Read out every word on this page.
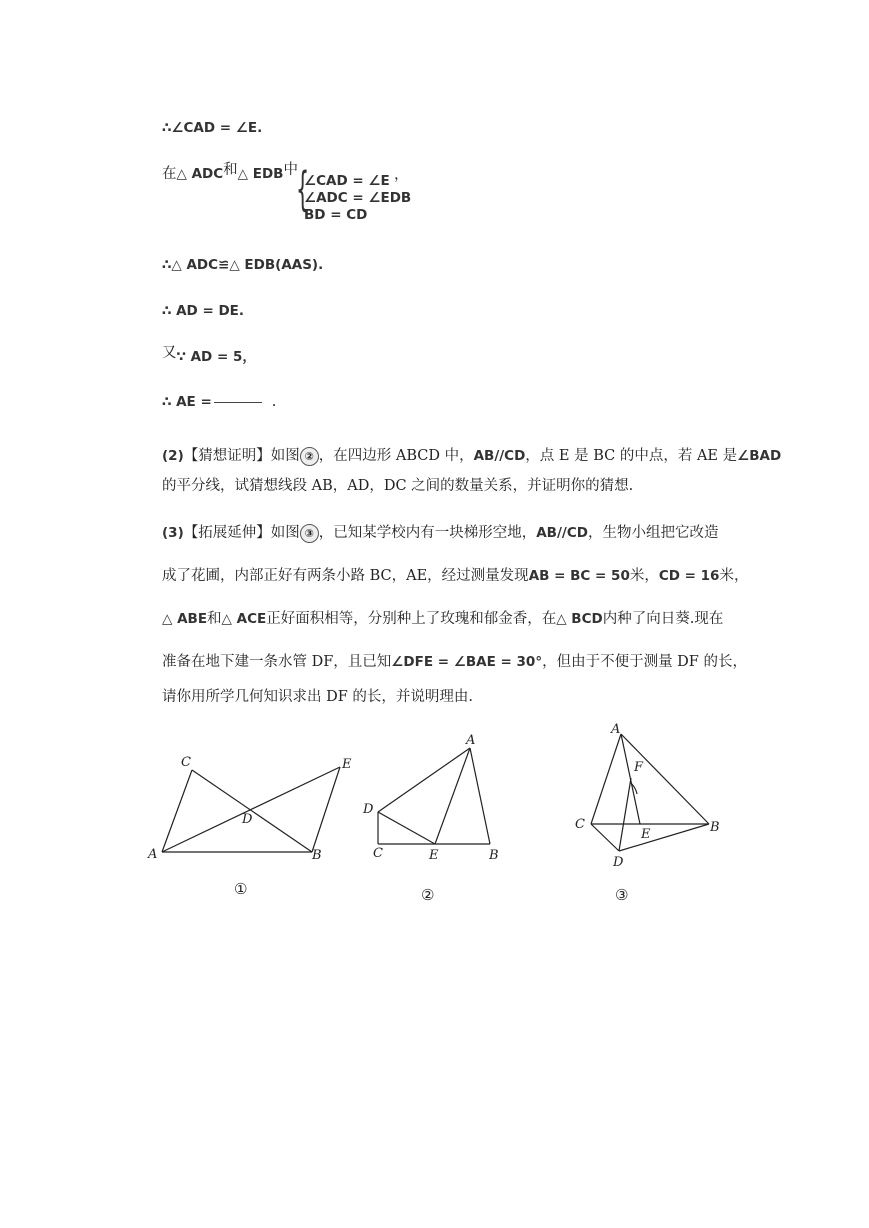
∴∠CAD = ∠E.
在△ ADC和△ EDB中
{
∠CAD = ∠E
∠ADC = ∠EDB
BD = CD
，
∴△ ADC≌△ EDB(AAS).
∴ AD = DE.
又∵ AD = 5，
∴ AE =	.
(2)【猜想证明】如图 ② ，在四边形 ABCD 中，AB//CD，点 E 是 BC 的中点，若 AE 是∠BAD
的平分线，试猜想线段 AB，AD，DC 之间的数量关系，并证明你的猜想.
(3)【拓展延伸】如图 ③ ，已知某学校内有一块梯形空地，AB//CD，生物小组把它改造
成了花圃，内部正好有两条小路 BC，AE，经过测量发现AB = BC = 50米，CD = 16米，
△ ABE和△ ACE正好面积相等，分别种上了玫瑰和郁金香，在△ BCD内种了向日葵.现在
准备在地下建一条水管 DF，且已知∠DFE = ∠BAE = 30°，但由于不便于测量 DF 的长，
请你用所学几何知识求出 DF 的长，并说明理由.
A	B
C
D
E
①
A
B
C
D
E
②
A
B
C
D
E
F
③
